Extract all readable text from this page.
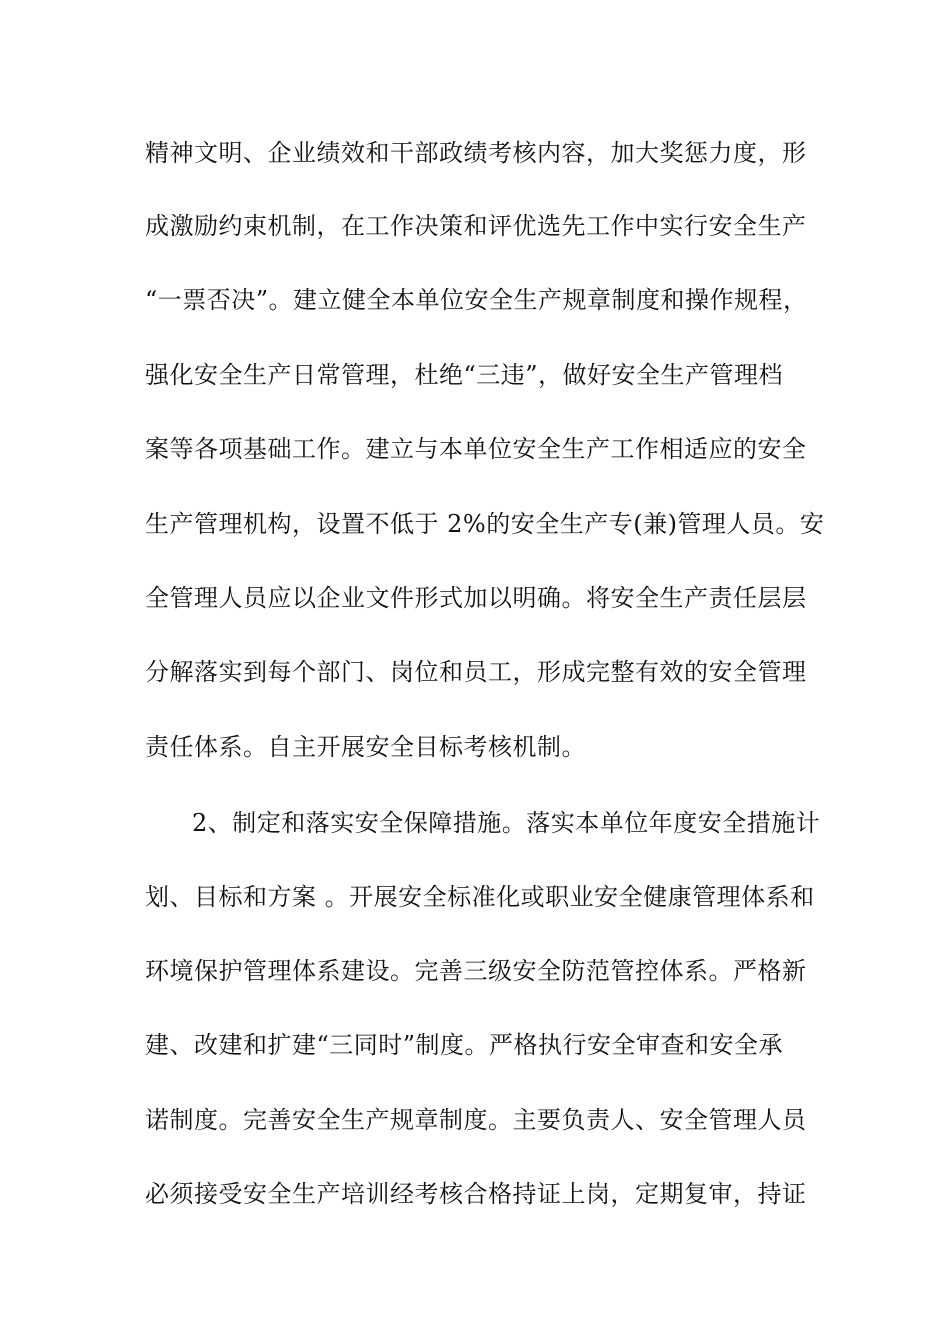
精神文明、企业绩效和干部政绩考核内容，加大奖惩力度，形
成激励约束机制，在工作决策和评优选先工作中实行安全生产
“一票否决”。建立健全本单位安全生产规章制度和操作规程，
强化安全生产日常管理，杜绝“三违”，做好安全生产管理档
案等各项基础工作。建立与本单位安全生产工作相适应的安全
生产管理机构，设置不低于 2%的安全生产专(兼)管理人员。安
全管理人员应以企业文件形式加以明确。将安全生产责任层层
分解落实到每个部门、岗位和员工，形成完整有效的安全管理
责任体系。自主开展安全目标考核机制。
2、制定和落实安全保障措施。落实本单位年度安全措施计
划、目标和方案 。开展安全标准化或职业安全健康管理体系和
环境保护管理体系建设。完善三级安全防范管控体系。严格新
建、改建和扩建“三同时”制度。严格执行安全审查和安全承
诺制度。完善安全生产规章制度。主要负责人、安全管理人员
必须接受安全生产培训经考核合格持证上岗，定期复审，持证
